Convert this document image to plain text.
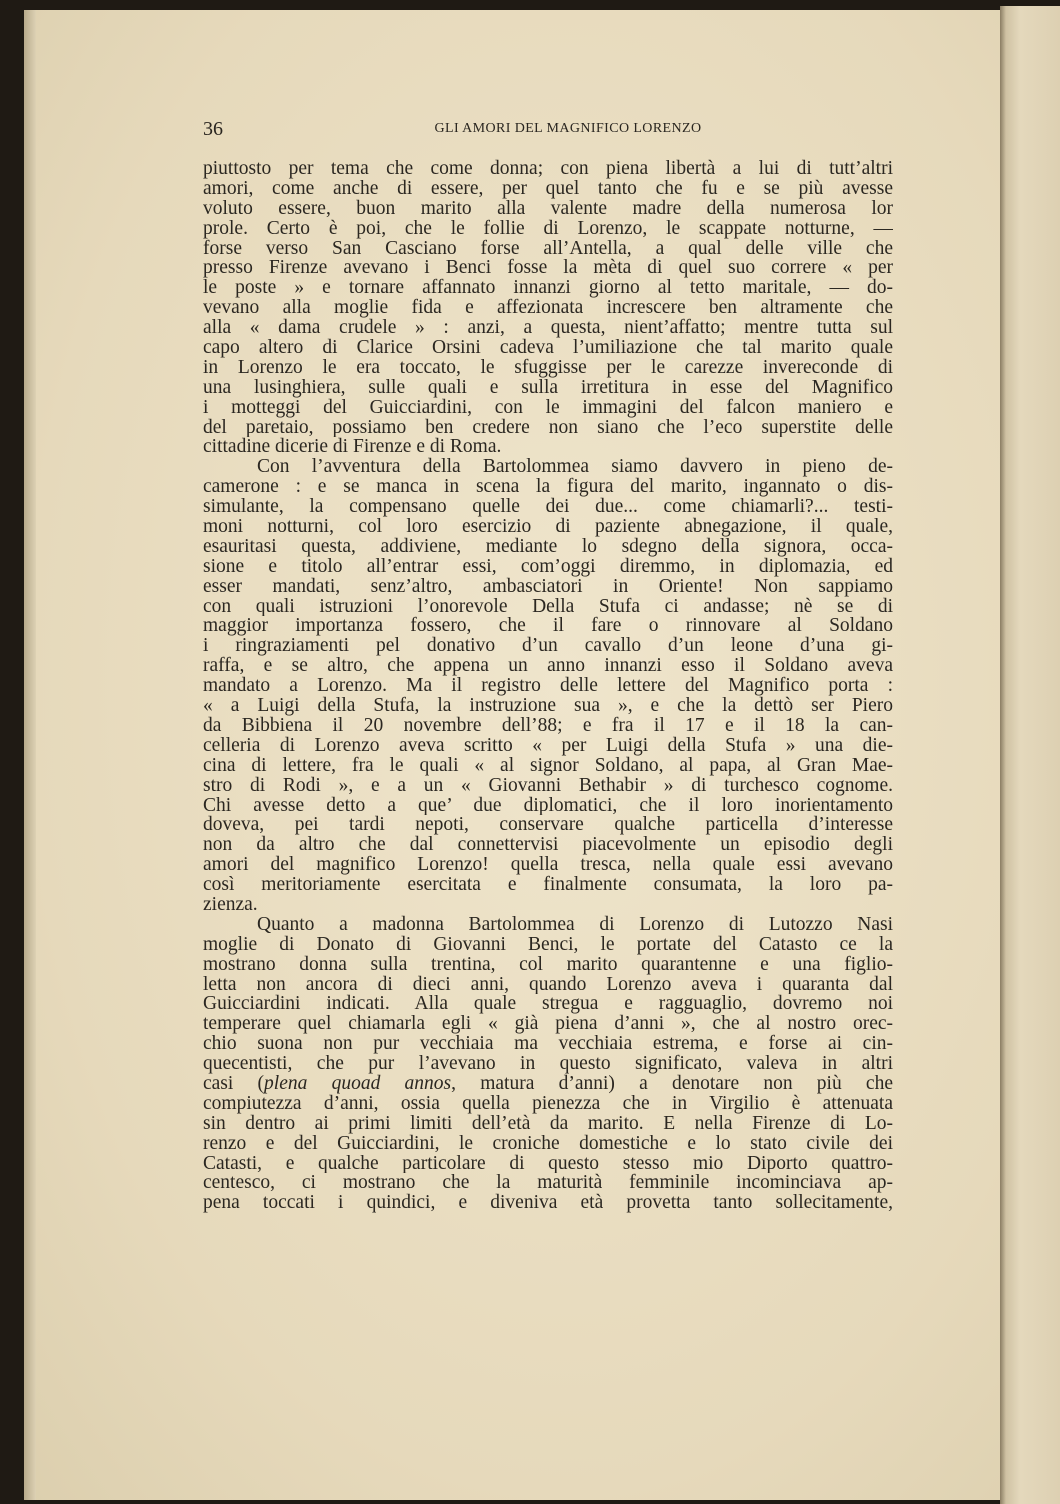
36	GLI AMORI DEL MAGNIFICO LORENZO
piuttosto per tema che come donna; con piena libertà a lui di tutt’altri
amori, come anche di essere, per quel tanto che fu e se più avesse
voluto essere, buon marito alla valente madre della numerosa lor
prole. Certo è poi, che le follie di Lorenzo, le scappate notturne, —
forse verso San Casciano forse all’Antella, a qual delle ville che
presso Firenze avevano i Benci fosse la mèta di quel suo correre « per
le poste » e tornare affannato innanzi giorno al tetto maritale, — do-
vevano alla moglie fida e affezionata increscere ben altramente che
alla « dama crudele » : anzi, a questa, nient’affatto; mentre tutta sul
capo altero di Clarice Orsini cadeva l’umiliazione che tal marito quale
in Lorenzo le era toccato, le sfuggisse per le carezze invereconde di
una lusinghiera, sulle quali e sulla irretitura in esse del Magnifico
i motteggi del Guicciardini, con le immagini del falcon maniero e
del paretaio, possiamo ben credere non siano che l’eco superstite delle
cittadine dicerie di Firenze e di Roma.
Con l’avventura della Bartolommea siamo davvero in pieno de-
camerone : e se manca in scena la figura del marito, ingannato o dis-
simulante, la compensano quelle dei due... come chiamarli?... testi-
moni notturni, col loro esercizio di paziente abnegazione, il quale,
esauritasi questa, addiviene, mediante lo sdegno della signora, occa-
sione e titolo all’entrar essi, com’oggi diremmo, in diplomazia, ed
esser mandati, senz’altro, ambasciatori in Oriente! Non sappiamo
con quali istruzioni l’onorevole Della Stufa ci andasse; nè se di
maggior importanza fossero, che il fare o rinnovare al Soldano
i ringraziamenti pel donativo d’un cavallo d’un leone d’una gi-
raffa, e se altro, che appena un anno innanzi esso il Soldano aveva
mandato a Lorenzo. Ma il registro delle lettere del Magnifico porta :
« a Luigi della Stufa, la instruzione sua », e che la dettò ser Piero
da Bibbiena il 20 novembre dell’88; e fra il 17 e il 18 la can-
celleria di Lorenzo aveva scritto « per Luigi della Stufa » una die-
cina di lettere, fra le quali « al signor Soldano, al papa, al Gran Mae-
stro di Rodi », e a un « Giovanni Bethabir » di turchesco cognome.
Chi avesse detto a que’ due diplomatici, che il loro inorientamento
doveva, pei tardi nepoti, conservare qualche particella d’interesse
non da altro che dal connettervisi piacevolmente un episodio degli
amori del magnifico Lorenzo! quella tresca, nella quale essi avevano
così meritoriamente esercitata e finalmente consumata, la loro pa-
zienza.
Quanto a madonna Bartolommea di Lorenzo di Lutozzo Nasi
moglie di Donato di Giovanni Benci, le portate del Catasto ce la
mostrano donna sulla trentina, col marito quarantenne e una figlio-
letta non ancora di dieci anni, quando Lorenzo aveva i quaranta dal
Guicciardini indicati. Alla quale stregua e ragguaglio, dovremo noi
temperare quel chiamarla egli « già piena d’anni », che al nostro orec-
chio suona non pur vecchiaia ma vecchiaia estrema, e forse ai cin-
quecentisti, che pur l’avevano in questo significato, valeva in altri
casi (plena quoad annos, matura d’anni) a denotare non più che
compiutezza d’anni, ossia quella pienezza che in Virgilio è attenuata
sin dentro ai primi limiti dell’età da marito. E nella Firenze di Lo-
renzo e del Guicciardini, le croniche domestiche e lo stato civile dei
Catasti, e qualche particolare di questo stesso mio Diporto quattro-
centesco, ci mostrano che la maturità femminile incominciava ap-
pena toccati i quindici, e diveniva età provetta tanto sollecitamente,
